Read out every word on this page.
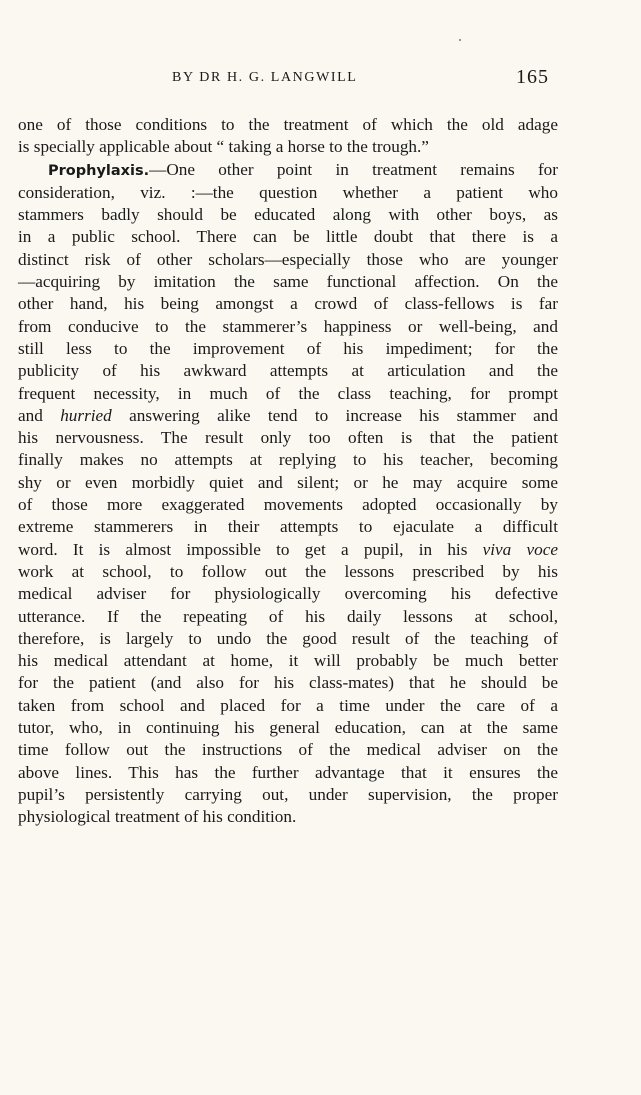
BY DR H. G. LANGWILL	165
one of those conditions to the treatment of which the old adage
is specially applicable about “ taking a horse to the trough.”
Prophylaxis.—One other point in treatment remains for
consideration, viz. :—the question whether a patient who
stammers badly should be educated along with other boys, as
in a public school. There can be little doubt that there is a
distinct risk of other scholars—especially those who are younger
—acquiring by imitation the same functional affection. On the
other hand, his being amongst a crowd of class-fellows is far
from conducive to the stammerer’s happiness or well-being, and
still less to the improvement of his impediment; for the
publicity of his awkward attempts at articulation and the
frequent necessity, in much of the class teaching, for prompt
and hurried answering alike tend to increase his stammer and
his nervousness. The result only too often is that the patient
finally makes no attempts at replying to his teacher, becoming
shy or even morbidly quiet and silent; or he may acquire some
of those more exaggerated movements adopted occasionally by
extreme stammerers in their attempts to ejaculate a difficult
word. It is almost impossible to get a pupil, in his viva voce
work at school, to follow out the lessons prescribed by his
medical adviser for physiologically overcoming his defective
utterance. If the repeating of his daily lessons at school,
therefore, is largely to undo the good result of the teaching of
his medical attendant at home, it will probably be much better
for the patient (and also for his class-mates) that he should be
taken from school and placed for a time under the care of a
tutor, who, in continuing his general education, can at the same
time follow out the instructions of the medical adviser on the
above lines. This has the further advantage that it ensures the
pupil’s persistently carrying out, under supervision, the proper
physiological treatment of his condition.
